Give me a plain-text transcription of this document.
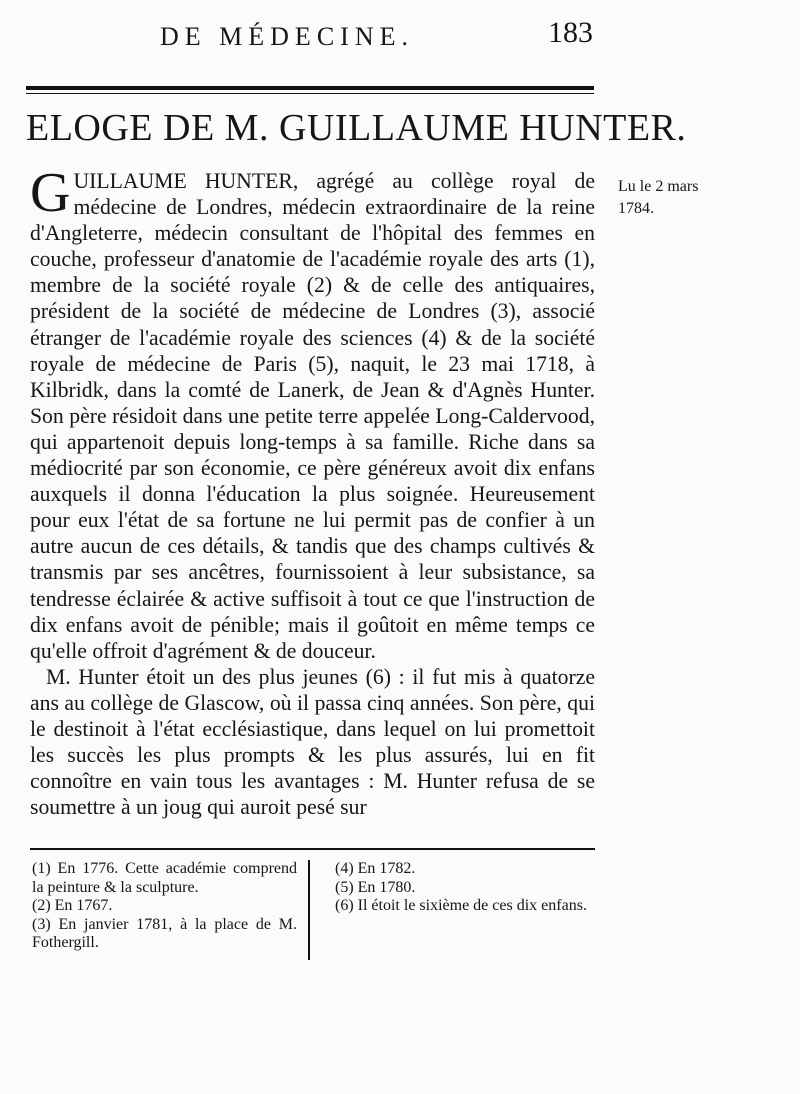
DE MÉDECINE.	183
ELOGE DE M. GUILLAUME HUNTER.
Lu le 2 mars
1784.

GUILLAUME HUNTER, agrégé au collège royal de médecine de Londres, médecin extraordinaire de la reine d'Angleterre, médecin consultant de l'hôpital des femmes en couche, professeur d'anatomie de l'académie royale des arts (1), membre de la société royale (2) & de celle des antiquaires, président de la société de médecine de Londres (3), associé étranger de l'académie royale des sciences (4) & de la société royale de médecine de Paris (5), naquit, le 23 mai 1718, à Kilbridk, dans la comté de Lanerk, de Jean & d'Agnès Hunter. Son père résidoit dans une petite terre appelée Long-Caldervood, qui appartenoit depuis long-temps à sa famille. Riche dans sa médiocrité par son économie, ce père généreux avoit dix enfans auxquels il donna l'éducation la plus soignée. Heureusement pour eux l'état de sa fortune ne lui permit pas de confier à un autre aucun de ces détails, & tandis que des champs cultivés & transmis par ses ancêtres, fournissoient à leur subsistance, sa tendresse éclairée & active suffisoit à tout ce que l'instruction de dix enfans avoit de pénible; mais il goûtoit en même temps ce qu'elle offroit d'agrément & de douceur.

M. Hunter étoit un des plus jeunes (6) : il fut mis à quatorze ans au collège de Glascow, où il passa cinq années. Son père, qui le destinoit à l'état ecclésiastique, dans lequel on lui promettoit les succès les plus prompts & les plus assurés, lui en fit connoître en vain tous les avantages : M. Hunter refusa de se soumettre à un joug qui auroit pesé sur

(1) En 1776. Cette académie comprend la peinture & la sculpture.
(2) En 1767.
(3) En janvier 1781, à la place de M. Fothergill.
(4) En 1782.
(5) En 1780.
(6) Il étoit le sixième de ces dix enfans.
